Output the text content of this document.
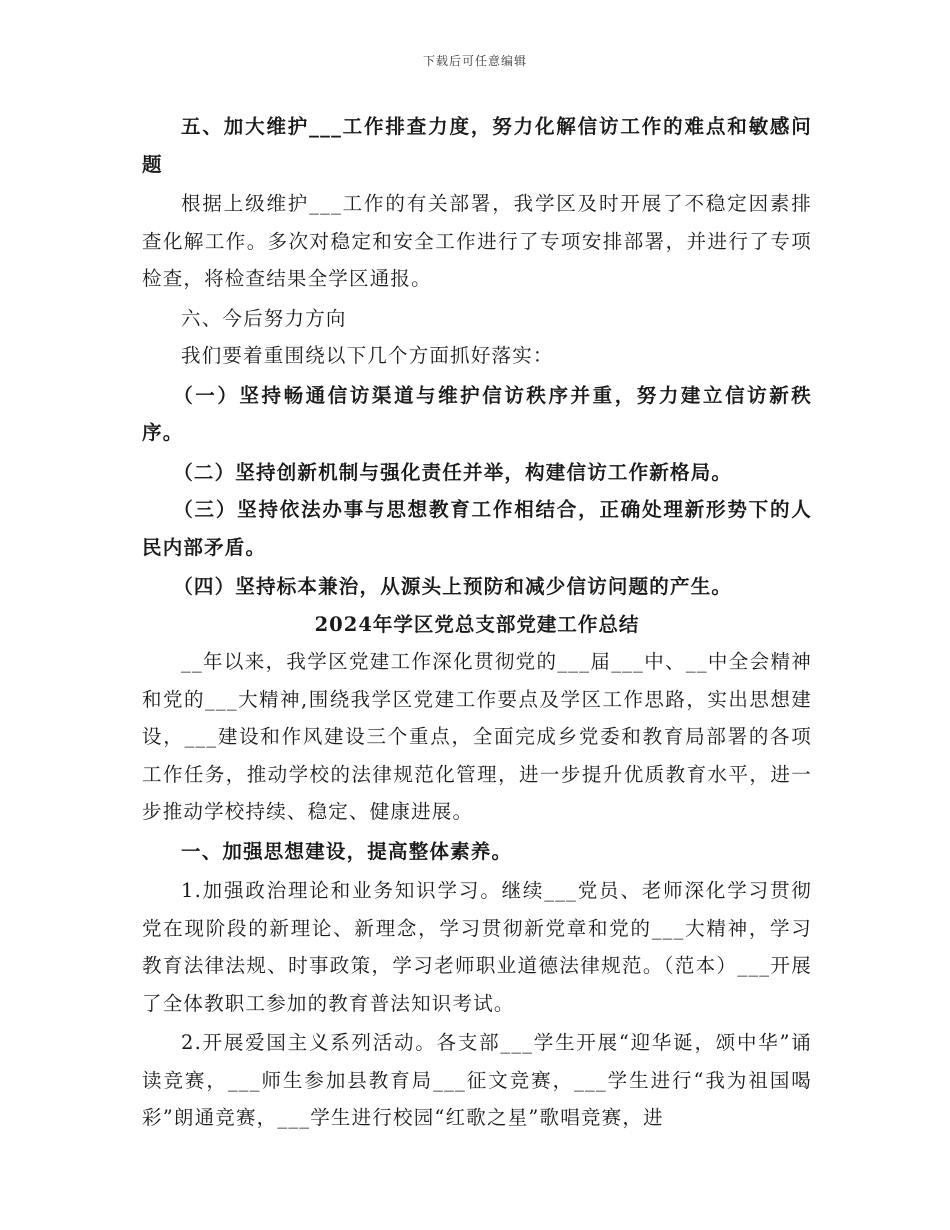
下载后可任意编辑

五、加大维护___工作排查力度，努力化解信访工作的难点和敏感问题

根据上级维护___工作的有关部署，我学区及时开展了不稳定因素排查化解工作。多次对稳定和安全工作进行了专项安排部署，并进行了专项检查，将检查结果全学区通报。

六、今后努力方向

我们要着重围绕以下几个方面抓好落实：

（一）坚持畅通信访渠道与维护信访秩序并重，努力建立信访新秩序。

（二）坚持创新机制与强化责任并举，构建信访工作新格局。

（三）坚持依法办事与思想教育工作相结合，正确处理新形势下的人民内部矛盾。

（四）坚持标本兼治，从源头上预防和减少信访问题的产生。

2024年学区党总支部党建工作总结

__年以来，我学区党建工作深化贯彻党的___届___中、__中全会精神和党的___大精神,围绕我学区党建工作要点及学区工作思路，实出思想建设，___建设和作风建设三个重点，全面完成乡党委和教育局部署的各项工作任务，推动学校的法律规范化管理，进一步提升优质教育水平，进一步推动学校持续、稳定、健康进展。

一、加强思想建设，提高整体素养。

1.加强政治理论和业务知识学习。继续___党员、老师深化学习贯彻党在现阶段的新理论、新理念，学习贯彻新党章和党的___大精神，学习教育法律法规、时事政策，学习老师职业道德法律规范。（范本）___开展了全体教职工参加的教育普法知识考试。

2.开展爱国主义系列活动。各支部___学生开展“迎华诞，颂中华”诵读竞赛，___师生参加县教育局___征文竞赛，___学生进行“我为祖国喝彩”朗通竞赛，___学生进行校园“红歌之星”歌唱竞赛，进
